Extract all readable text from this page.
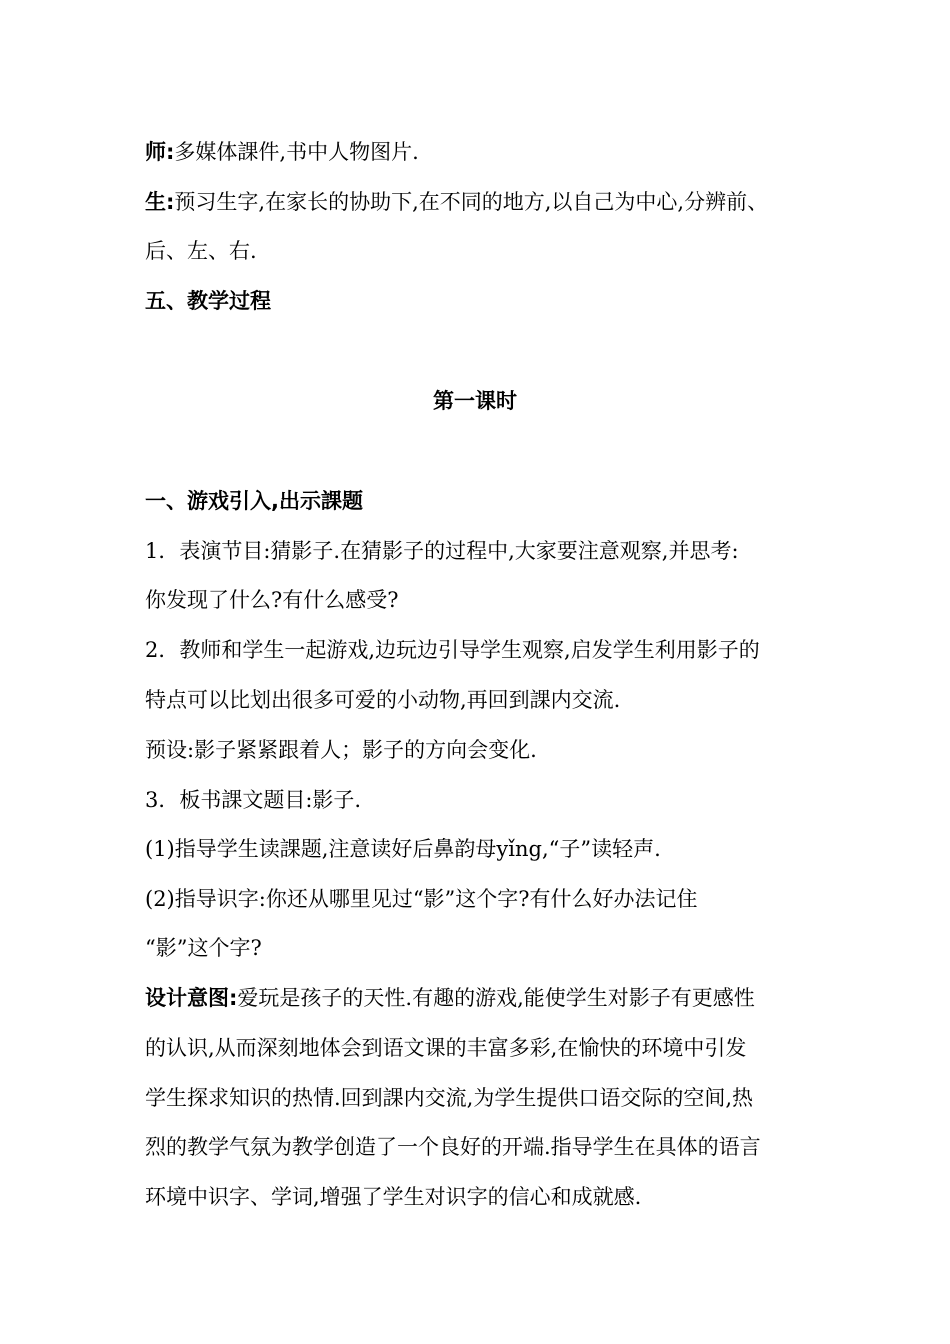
师:多媒体課件,书中人物图片.
生:预习生字,在家长的协助下,在不同的地方,以自己为中心,分辨前、
后、左、右.
五、教学过程
第一课时
一、游戏引入,出示課题
1．表演节目:猜影子.在猜影子的过程中,大家要注意观察,并思考:
你发现了什么?有什么感受?
2．教师和学生一起游戏,边玩边引导学生观察,启发学生利用影子的
特点可以比划出很多可爱的小动物,再回到課内交流.
预设:影子紧紧跟着人；影子的方向会变化.
3．板书課文题目:影子.
(1)指导学生读課题,注意读好后鼻韵母yǐng,“子”读轻声.
(2)指导识字:你还从哪里见过“影”这个字?有什么好办法记住
“影”这个字?
设计意图:爱玩是孩子的天性.有趣的游戏,能使学生对影子有更感性
的认识,从而深刻地体会到语文课的丰富多彩,在愉快的环境中引发
学生探求知识的热情.回到課内交流,为学生提供口语交际的空间,热
烈的教学气氛为教学创造了一个良好的开端.指导学生在具体的语言
环境中识字、学词,增强了学生对识字的信心和成就感.
